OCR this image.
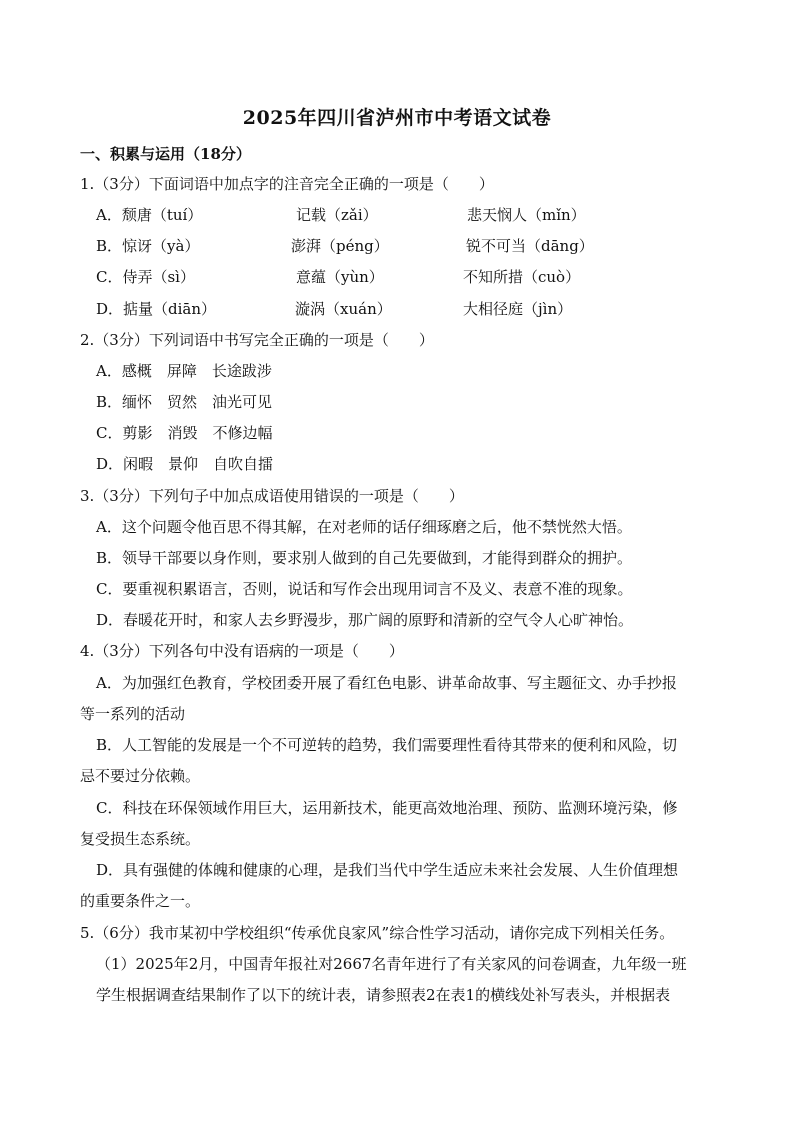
2025年四川省泸州市中考语文试卷
一、积累与运用（18分）
1.（3分）下面词语中加点字的注音完全正确的一项是（　　）
A．颓唐（tuí）	记载（zǎi）	悲天悯人（mǐn）
B．惊讶（yà）	澎湃（péng）	锐不可当（dāng）
C．侍弄（sì）	意蕴（yùn）	不知所措（cuò）
D．掂量（diān）	漩涡（xuán）	大相径庭（jìn）
2.（3分）下列词语中书写完全正确的一项是（　　）
A．感概　屏障　长途跋涉
B．缅怀　贸然　油光可见
C．剪影　消毁　不修边幅
D．闲暇　景仰　自吹自擂
3.（3分）下列句子中加点成语使用错误的一项是（　　）
A．这个问题令他百思不得其解，在对老师的话仔细琢磨之后，他不禁恍然大悟。
B．领导干部要以身作则，要求别人做到的自己先要做到，才能得到群众的拥护。
C．要重视积累语言，否则，说话和写作会出现用词言不及义、表意不准的现象。
D．春暖花开时，和家人去乡野漫步，那广阔的原野和清新的空气令人心旷神怡。
4.（3分）下列各句中没有语病的一项是（　　）
A．为加强红色教育，学校团委开展了看红色电影、讲革命故事、写主题征文、办手抄报
等一系列的活动
B．人工智能的发展是一个不可逆转的趋势，我们需要理性看待其带来的便利和风险，切
忌不要过分依赖。
C．科技在环保领域作用巨大，运用新技术，能更高效地治理、预防、监测环境污染，修
复受损生态系统。
D．具有强健的体魄和健康的心理，是我们当代中学生适应未来社会发展、人生价值理想
的重要条件之一。
5.（6分）我市某初中学校组织“传承优良家风”综合性学习活动，请你完成下列相关任务。
（1）2025年2月，中国青年报社对2667名青年进行了有关家风的问卷调查，九年级一班
学生根据调查结果制作了以下的统计表，请参照表2在表1的横线处补写表头，并根据表
